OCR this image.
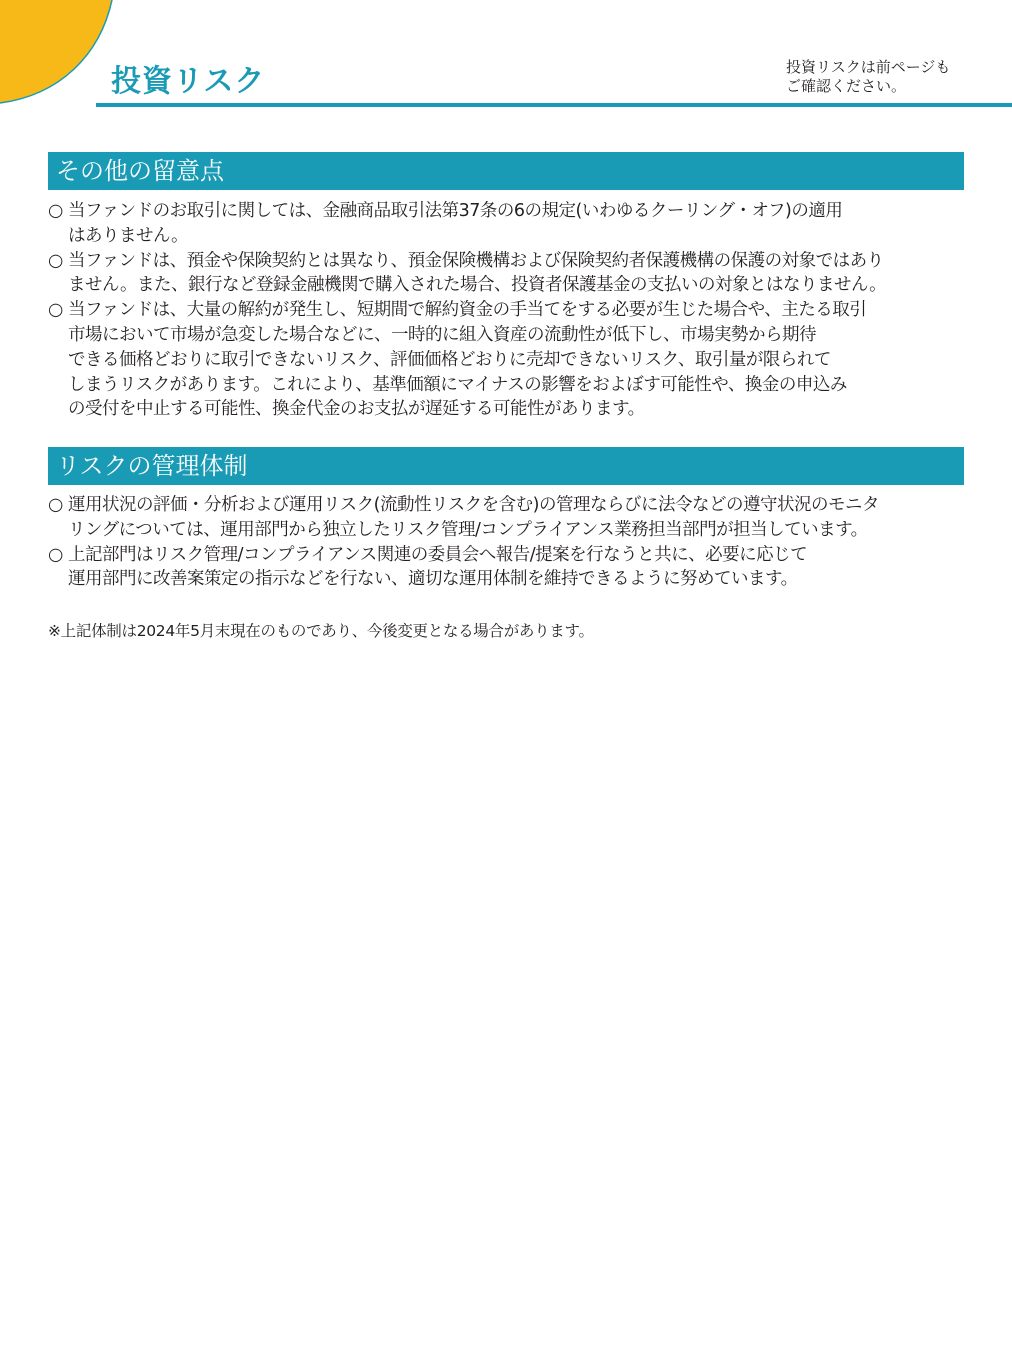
投資リスク	投資リスクは前ページも
ご確認ください。
その他の留意点
○ 当ファンドのお取引に関しては、金融商品取引法第37条の6の規定(いわゆるクーリング・オフ)の適用
はありません。
○ 当ファンドは、預金や保険契約とは異なり、預金保険機構および保険契約者保護機構の保護の対象ではあり
ません。また、銀行など登録金融機関で購入された場合、投資者保護基金の支払いの対象とはなりません。
○ 当ファンドは、大量の解約が発生し、短期間で解約資金の手当てをする必要が生じた場合や、主たる取引
市場において市場が急変した場合などに、一時的に組入資産の流動性が低下し、市場実勢から期待
できる価格どおりに取引できないリスク、評価価格どおりに売却できないリスク、取引量が限られて
しまうリスクがあります。これにより、基準価額にマイナスの影響をおよぼす可能性や、換金の申込み
の受付を中止する可能性、換金代金のお支払が遅延する可能性があります。
リスクの管理体制
○ 運用状況の評価・分析および運用リスク(流動性リスクを含む)の管理ならびに法令などの遵守状況のモニタ
リングについては、運用部門から独立したリスク管理/コンプライアンス業務担当部門が担当しています。
○ 上記部門はリスク管理/コンプライアンス関連の委員会へ報告/提案を行なうと共に、必要に応じて
運用部門に改善案策定の指示などを行ない、適切な運用体制を維持できるように努めています。
※上記体制は2024年5月末現在のものであり、今後変更となる場合があります。
